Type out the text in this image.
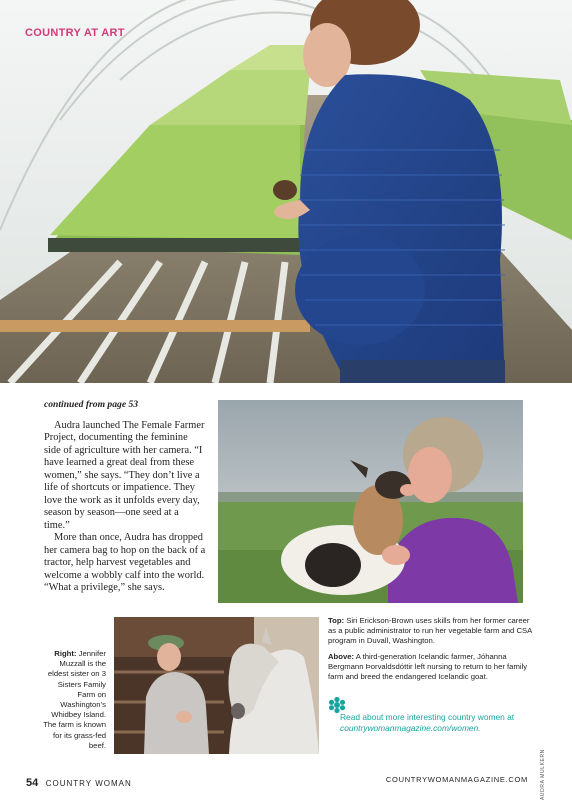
COUNTRY AT ART
continued from page 53

Audra launched The Female Farmer Project, documenting the feminine side of agriculture with her camera. “I have learned a great deal from these women,” she says. “They don’t live a life of shortcuts or impatience. They love the work as it unfolds every day, season by season—one seed at a time.”

More than once, Audra has dropped her camera bag to hop on the back of a tractor, help harvest vegetables and welcome a wobbly calf into the world. “What a privilege,” she says.

Top: Siri Erickson-Brown uses skills from her former career as a public administrator to run her vegetable farm and CSA program in Duvall, Washington.

Above: A third-generation Icelandic farmer, Jóhanna Bergmann Þorvaldsdóttir left nursing to return to her family farm and breed the endangered Icelandic goat.

Read about more interesting country women at
countrywomanmagazine.com/women.
Right: Jennifer Muzzall is the eldest sister on 3 Sisters Family Farm on Washington’s Whidbey Island. The farm is known for its grass-fed beef.
AUDRA MULKERN
54 COUNTRY WOMAN	COUNTRYWOMANMAGAZINE.COM
